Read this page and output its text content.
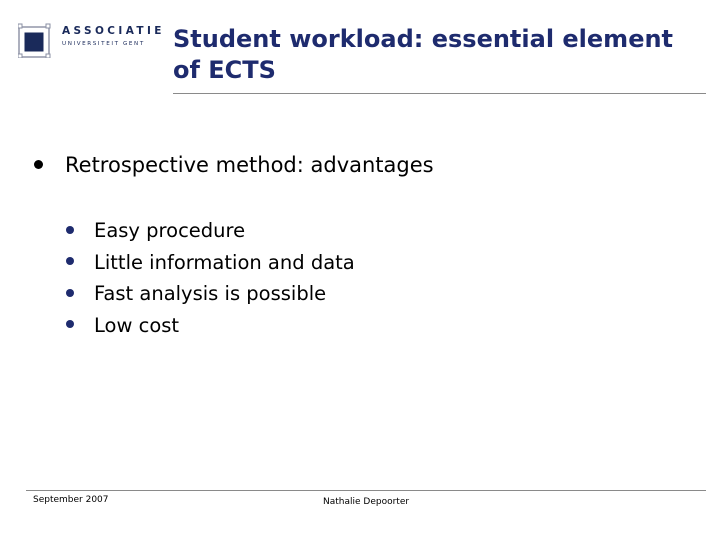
ASSOCIATIE
UNIVERSITEIT GENT Student workload: essential element of ECTS
Retrospective method: advantages
Easy procedure
Little information and data
Fast analysis is possible
Low cost
September 2007	Nathalie Depoorter
